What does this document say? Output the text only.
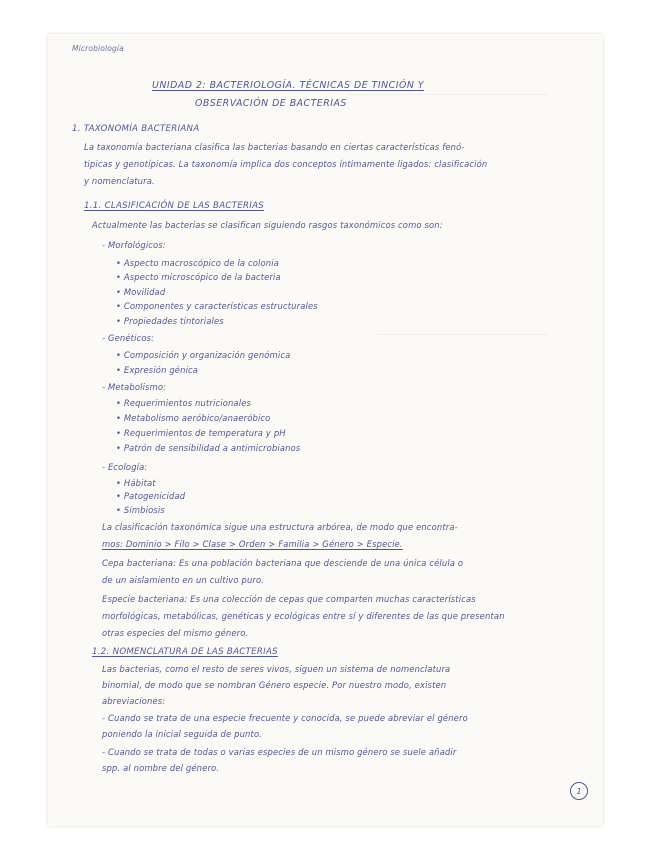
Microbiología
UNIDAD 2: BACTERIOLOGÍA. TÉCNICAS DE TINCIÓN Y
OBSERVACIÓN DE BACTERIAS
1. TAXONOMÍA BACTERIANA
La taxonomía bacteriana clasifica las bacterias basando en ciertas características fenó-
tipicas y genotípicas. La taxonomía implica dos conceptos íntimamente ligados: clasificación
y nomenclatura.
1.1. CLASIFICACIÓN DE LAS BACTERIAS
Actualmente las bacterias se clasifican siguiendo rasgos taxonómicos como son:
- Morfológicos:
• Aspecto macroscópico de la colonia
• Aspecto microscópico de la bacteria
• Movilidad
• Componentes y características estructurales
• Propiedades tintoriales
- Genéticos:
• Composición y organización genómica
• Expresión génica
- Metabolismo:
• Requerimientos nutricionales
• Metabolismo aeróbico/anaeróbico
• Requerimientos de temperatura y pH
• Patrón de sensibilidad a antimicrobianos
- Ecología:
• Hábitat
• Patogenicidad
• Simbiosis
La clasificación taxonómica sigue una estructura arbórea, de modo que encontra-
mos: Dominio > Filo > Clase > Orden > Familia > Género > Especie.
Cepa bacteriana: Es una población bacteriana que desciende de una única célula o
de un aislamiento en un cultivo puro.
Especie bacteriana: Es una colección de cepas que comparten muchas características
morfológicas, metabólicas, genéticas y ecológicas entre sí y diferentes de las que presentan
otras especies del mismo género.
1.2. NOMENCLATURA DE LAS BACTERIAS
Las bacterias, como el resto de seres vivos, siguen un sistema de nomenclatura
binomial, de modo que se nombran Género especie. Por nuestro modo, existen
abreviaciones:
- Cuando se trata de una especie frecuente y conocida, se puede abreviar el género
poniendo la inicial seguida de punto.
- Cuando se trata de todas o varias especies de un mismo género se suele añadir
spp. al nombre del género.
1
